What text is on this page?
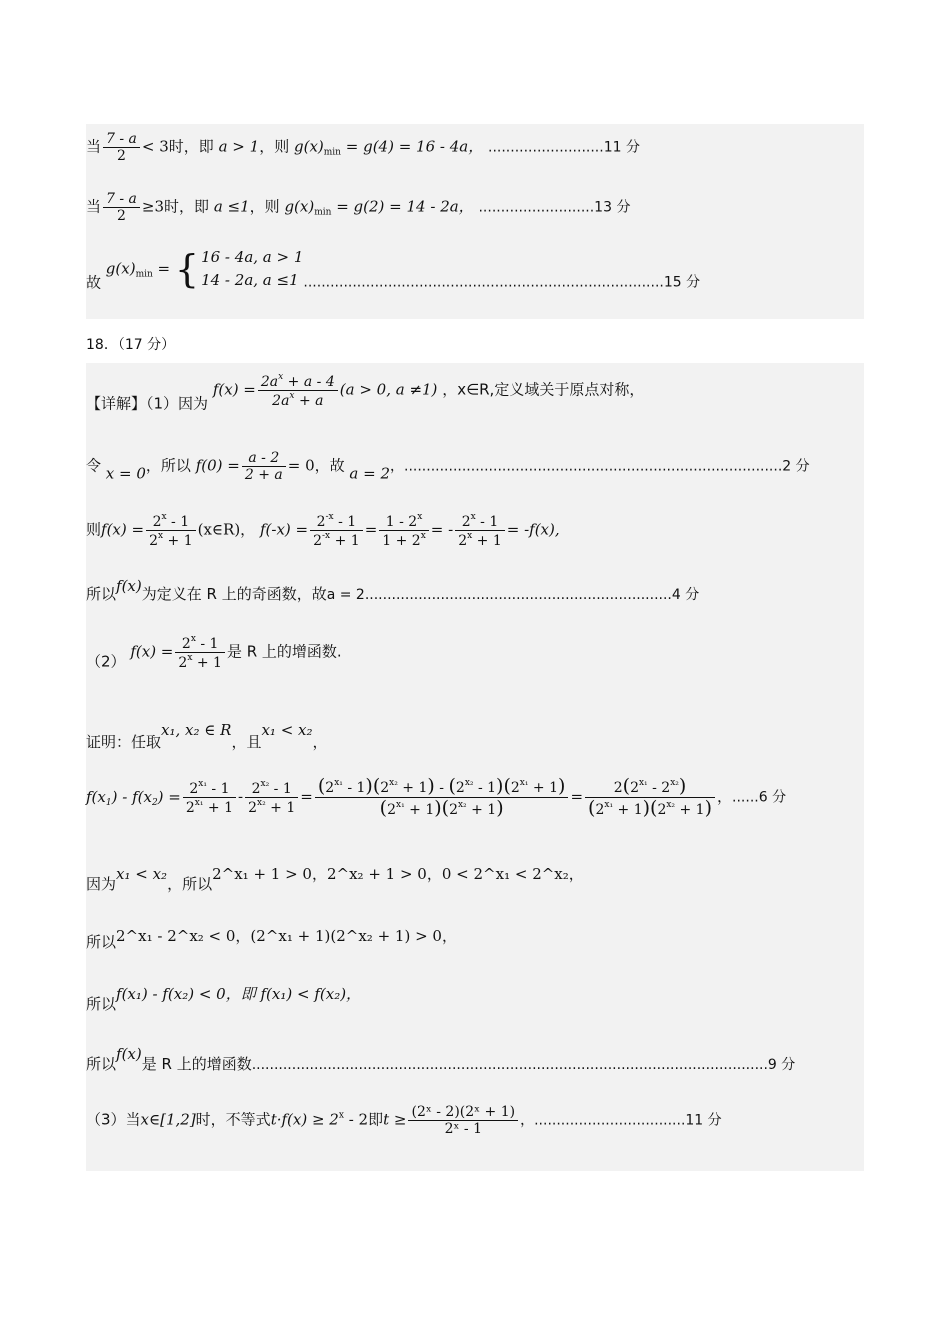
当 $\frac{7 - a}{2} < 3$时，即 a > 1，则 $g(x)_{min} = g(4) = 16 - 4a$， ..........................11 分
当 $\frac{7 - a}{2} \ge 3$时，即 a ≤1，则 $g(x)_{min} = g(2) = 14 - 2a$， ..........................13 分
故 $g(x)_{min}$ = { 16 - 4a, a > 1
14 - 2a, a ≤1 .................................................................................15 分
18．（17 分）
【详解】（1）因为 $f(x) = \frac{2a^x + a - 4}{2a^x + a} (a > 0$, a ≠1) ，x∈R,定义域关于原点对称，
令 x = 0，所以 $f(0) = \frac{a - 2}{2 + a} = 0$，故 a = 2，.....................................................................................2 分
则$f(x) = \frac{2^x - 1}{2^x + 1}$ (x∈R)， $f(-x) = \frac{2^{-x} - 1}{2^{-x} + 1} = \frac{1 - 2^x}{1 + 2^x}$ = - $\frac{2^x - 1}{2^x + 1} = -f(x)$,
所以f(x)为定义在 R 上的奇函数，故a = 2.....................................................................4 分
（2） $f(x) = \frac{2^x - 1}{2^x + 1}$ 是 R 上的增函数.
证明：任取x₁, x₂ ∈ R，且x₁ < x₂，
$f(x_1) - f(x_2) = \frac{2^{x_1} - 1}{2^{x_1} + 1} - \frac{2^{x_2} - 1}{2^{x_2} + 1} = \frac{(2^{x_1} - 1)(2^{x_2} + 1) - (2^{x_2} - 1)(2^{x_1} + 1)}{(2^{x_1} + 1)(2^{x_2} + 1)} = \frac{2(2^{x_1} - 2^{x_2})}{(2^{x_1} + 1)(2^{x_2} + 1)}$ ，......6 分
因为x₁ < x₂，所以2^x₁ + 1 > 0，2^x₂ + 1 > 0，0 < 2^x₁ < 2^x₂，
所以2^x₁ - 2^x₂ < 0，(2^x₁ + 1)(2^x₂ + 1) > 0，
所以f(x₁) - f(x₂) < 0，即 f(x₁) < f(x₂)，
所以f(x)是 R 上的增函数....................................................................................................................9 分
（3）当x∈[1,2]时，不等式$t\cdot f(x) \ge 2^x - 2$即$t \ge \frac{\text{(2ˣ - 2)(2ˣ + 1)}}{\text{2ˣ - 1}}$ ，..................................11 分
